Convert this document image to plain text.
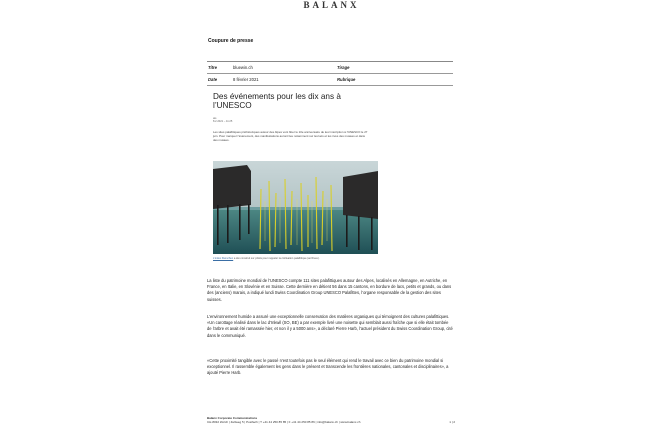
BALANX
Coupure de presse
Titre	bluewin.ch	Tirage
Date	8 février 2021	Rubrique
Des événements pour les dix ans à l’UNESCO
ats
8.2.2021 – 11:25
Les sites palafittiques préhistoriques autour des Alpes vont fêter le 10e anniversaire de leur inscription à l’UNESCO le 27 juin. Pour marquer l’événement, des manifestations auront lieu notamment sur les lacs et les rives des musées et dans des musées.
L’index Kleinchen a été construit sur pilotis pour rappeler la civilisation palafittique (archives).
La liste du patrimoine mondial de l’UNESCO compte 111 sites palafittiques autour des Alpes, localisés en Allemagne, en Autriche, en France, en Italie, en Slovénie et en Suisse. Cette dernière en détient 56 dans 15 cantons, en bordure de lacs, petits et grands, ou dans des (anciens) marais, a indiqué lundi Swiss Coordination Group UNESCO Palafittes, l’organe responsable de la gestion des sites suisses.
L’environnement humide a assuré une exceptionnelle conservation des matières organiques qui témoignent des cultures palafittiques. «Un carottage réalisé dans le lac d’Inkwil (SO, BE) a par exemple livré une noisette qui semblait aussi fraîche que si elle était tombée de l’arbre et avait été ramassée hier, et non il y a 5000 ans», a déclaré Pierre Harb, l’actuel président du Swiss Coordination Group, cité dans le communiqué.
«Cette proximité tangible avec le passé n’est toutefois pas le seul élément qui rend le travail avec ce bien du patrimoine mondial si exceptionnel. Il rassemble également les gens dans le présent et transcende les frontières nationales, cantonales et disciplinaires», a ajouté Pierre Harb.
Balanx Corporate Communications
CH-8032 Zürich | Zeltweg 5 | Postfach | T +41 44 250 85 85 | F +41 44 250 85 86 | info@balanx.ch | www.balanx.ch	1 | 2
